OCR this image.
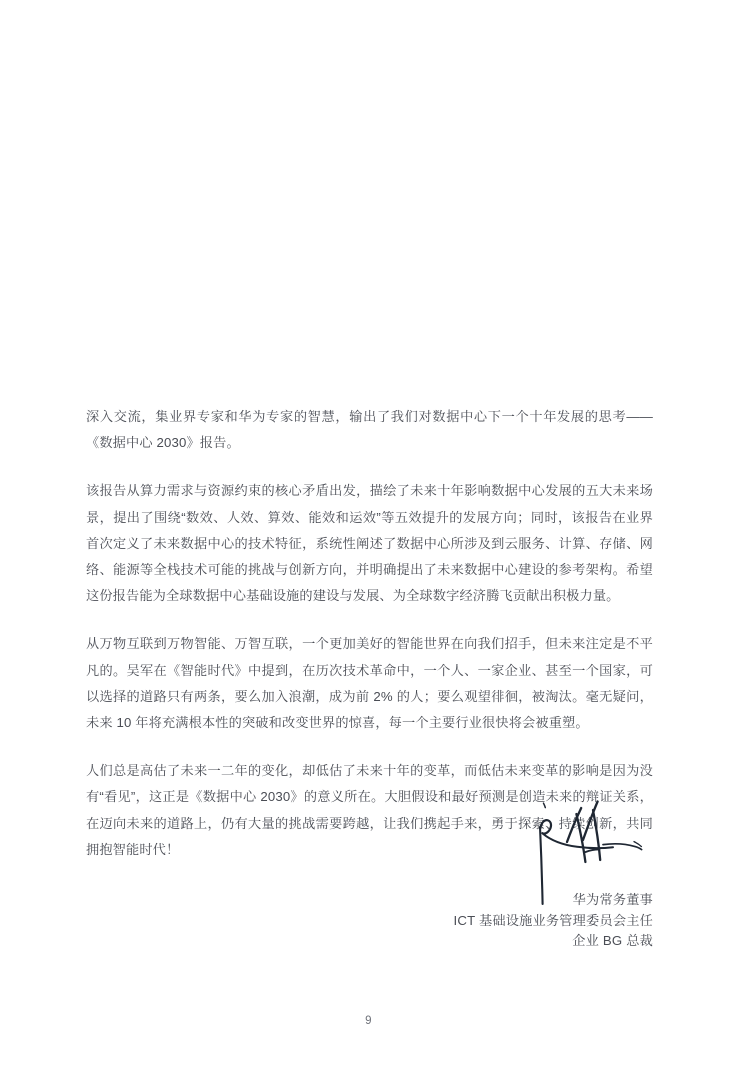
深入交流，集业界专家和华为专家的智慧，输出了我们对数据中心下一个十年发展的思考——《数据中心 2030》报告。

该报告从算力需求与资源约束的核心矛盾出发，描绘了未来十年影响数据中心发展的五大未来场景，提出了围绕“数效、人效、算效、能效和运效”等五效提升的发展方向；同时，该报告在业界首次定义了未来数据中心的技术特征，系统性阐述了数据中心所涉及到云服务、计算、存储、网络、能源等全栈技术可能的挑战与创新方向，并明确提出了未来数据中心建设的参考架构。希望这份报告能为全球数据中心基础设施的建设与发展、为全球数字经济腾飞贡献出积极力量。

从万物互联到万物智能、万智互联，一个更加美好的智能世界在向我们招手，但未来注定是不平凡的。吴军在《智能时代》中提到，在历次技术革命中，一个人、一家企业、甚至一个国家，可以选择的道路只有两条，要么加入浪潮，成为前 2% 的人；要么观望徘徊，被淘汰。毫无疑问，未来 10 年将充满根本性的突破和改变世界的惊喜，每一个主要行业很快将会被重塑。

人们总是高估了未来一二年的变化，却低估了未来十年的变革，而低估未来变革的影响是因为没有“看见”，这正是《数据中心 2030》的意义所在。大胆假设和最好预测是创造未来的辩证关系，在迈向未来的道路上，仍有大量的挑战需要跨越，让我们携起手来，勇于探索、持续创新，共同拥抱智能时代！

华为常务董事
ICT 基础设施业务管理委员会主任
企业 BG 总裁
9
